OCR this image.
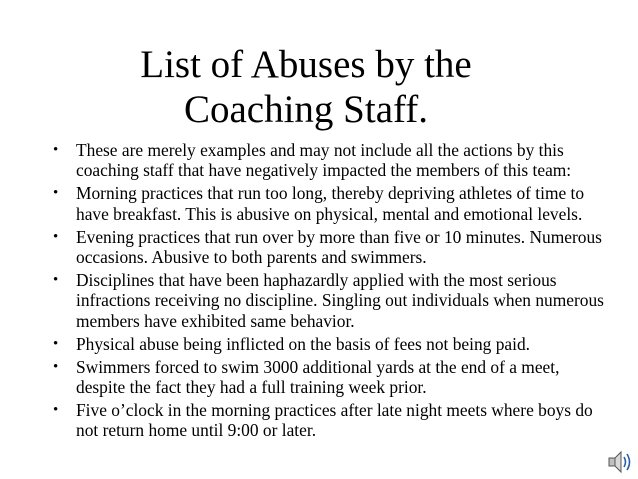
List of Abuses by the
Coaching Staff.
• These are merely examples and may not include all the actions by this coaching staff that have negatively impacted the members of this team:
• Morning practices that run too long, thereby depriving athletes of time to have breakfast. This is abusive on physical, mental and emotional levels.
• Evening practices that run over by more than five or 10 minutes. Numerous occasions. Abusive to both parents and swimmers.
• Disciplines that have been haphazardly applied with the most serious infractions receiving no discipline. Singling out individuals when numerous members have exhibited same behavior.
• Physical abuse being inflicted on the basis of fees not being paid.
• Swimmers forced to swim 3000 additional yards at the end of a meet, despite the fact they had a full training week prior.
• Five o’clock in the morning practices after late night meets where boys do not return home until 9:00 or later.
